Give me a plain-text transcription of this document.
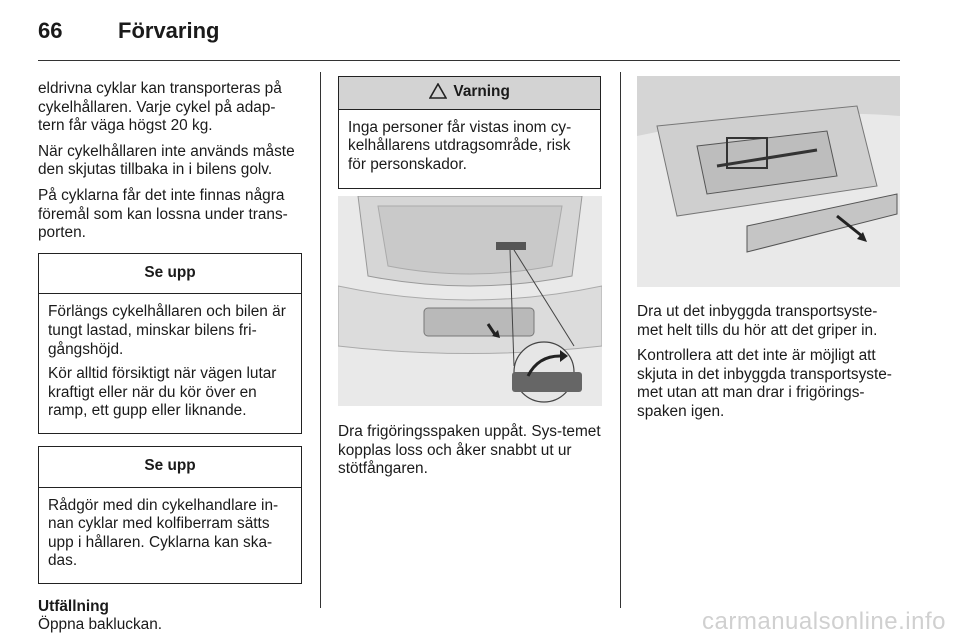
66	Förvaring

eldrivna cyklar kan transporteras på cykelhållaren. Varje cykel på adap-tern får väga högst 20 kg.

När cykelhållaren inte används måste den skjutas tillbaka in i bilens golv.

På cyklarna får det inte finnas några föremål som kan lossna under trans-porten.

Se upp

Förlängs cykelhållaren och bilen är tungt lastad, minskar bilens fri-gångshöjd.

Kör alltid försiktigt när vägen lutar kraftigt eller när du kör över en ramp, ett gupp eller liknande.

Se upp

Rådgör med din cykelhandlare in-nan cyklar med kolfiberram sätts upp i hållaren. Cyklarna kan ska-das.

Utfällning
Öppna bakluckan.
Varning

Inga personer får vistas inom cy-kelhållarens utdragsområde, risk för personskador.

Dra frigöringsspaken uppåt. Sys-temet kopplas loss och åker snabbt ut ur stötfångaren.

Dra ut det inbyggda transportsyste-met helt tills du hör att det griper in.

Kontrollera att det inte är möjligt att skjuta in det inbyggda transportsyste-met utan att man drar i frigörings-spaken igen.

carmanualsonline.info
